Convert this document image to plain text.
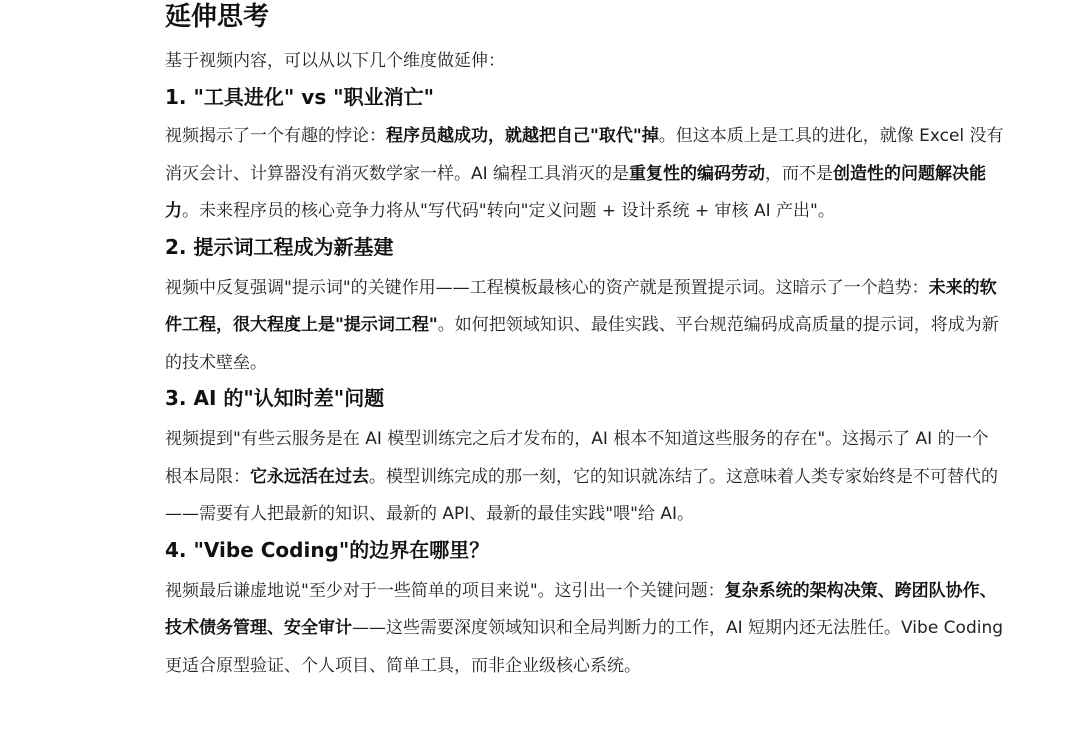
延伸思考

基于视频内容，可以从以下几个维度做延伸：

1. "工具进化" vs "职业消亡"

视频揭示了一个有趣的悖论：程序员越成功，就越把自己"取代"掉。但这本质上是工具的进化，就像 Excel 没有消灭会计、计算器没有消灭数学家一样。AI 编程工具消灭的是重复性的编码劳动，而不是创造性的问题解决能力。未来程序员的核心竞争力将从"写代码"转向"定义问题 + 设计系统 + 审核 AI 产出"。

2. 提示词工程成为新基建

视频中反复强调"提示词"的关键作用——工程模板最核心的资产就是预置提示词。这暗示了一个趋势：未来的软件工程，很大程度上是"提示词工程"。如何把领域知识、最佳实践、平台规范编码成高质量的提示词，将成为新的技术壁垒。

3. AI 的"认知时差"问题

视频提到"有些云服务是在 AI 模型训练完之后才发布的，AI 根本不知道这些服务的存在"。这揭示了 AI 的一个根本局限：它永远活在过去。模型训练完成的那一刻，它的知识就冻结了。这意味着人类专家始终是不可替代的——需要有人把最新的知识、最新的 API、最新的最佳实践"喂"给 AI。

4. "Vibe Coding"的边界在哪里？

视频最后谦虚地说"至少对于一些简单的项目来说"。这引出一个关键问题：复杂系统的架构决策、跨团队协作、技术债务管理、安全审计——这些需要深度领域知识和全局判断力的工作，AI 短期内还无法胜任。Vibe Coding 更适合原型验证、个人项目、简单工具，而非企业级核心系统。
